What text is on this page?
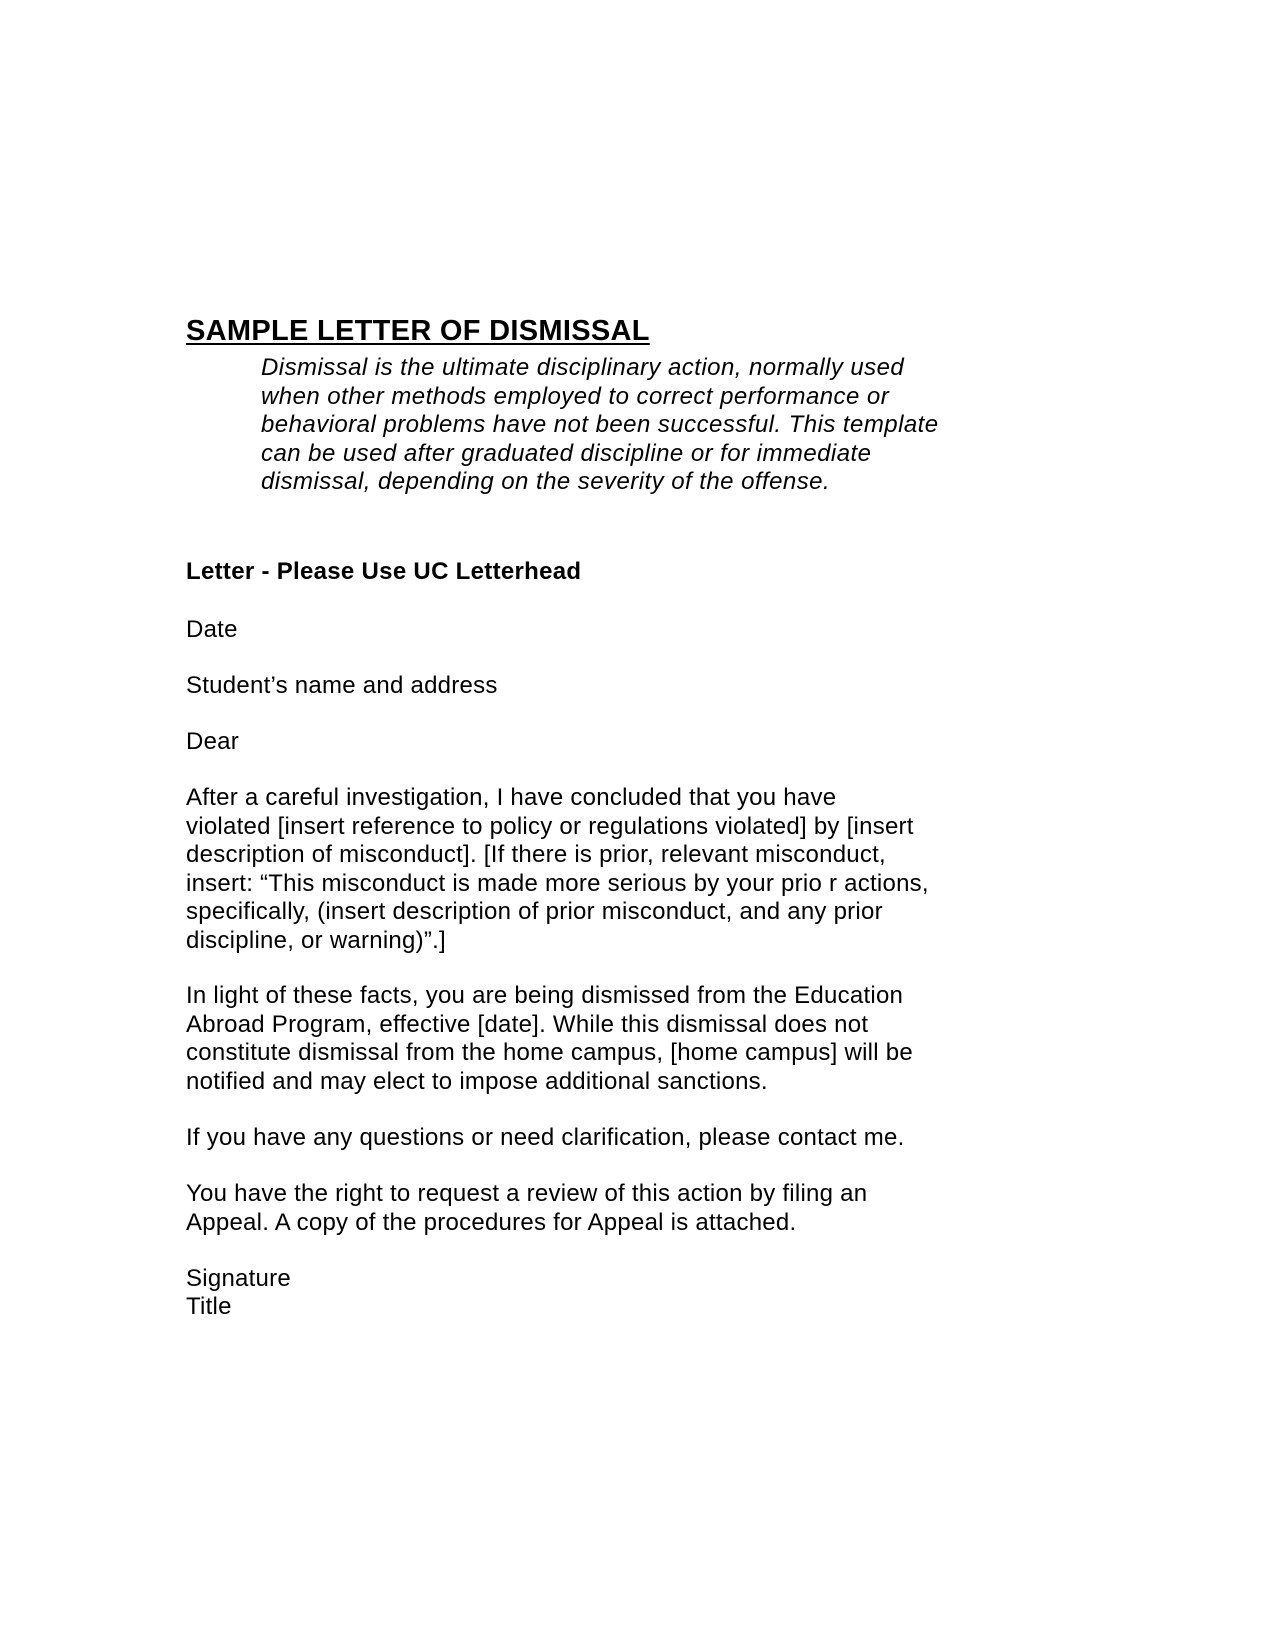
SAMPLE LETTER OF DISMISSAL
Dismissal is the ultimate disciplinary action, normally used
when other methods employed to correct performance or
behavioral problems have not been successful. This template
can be used after graduated discipline or for immediate
dismissal, depending on the severity of the offense.
Letter - Please Use UC Letterhead

Date

Student’s name and address

Dear

After a careful investigation, I have concluded that you have
violated [insert reference to policy or regulations violated] by [insert
description of misconduct]. [If there is prior, relevant misconduct,
insert: “This misconduct is made more serious by your prio r actions,
specifically, (insert description of prior misconduct, and any prior
discipline, or warning)”.]
In light of these facts, you are being dismissed from the Education
Abroad Program, effective [date]. While this dismissal does not
constitute dismissal from the home campus, [home campus] will be
notified and may elect to impose additional sanctions.

If you have any questions or need clarification, please contact me.

You have the right to request a review of this action by filing an
Appeal. A copy of the procedures for Appeal is attached.

Signature

Title
